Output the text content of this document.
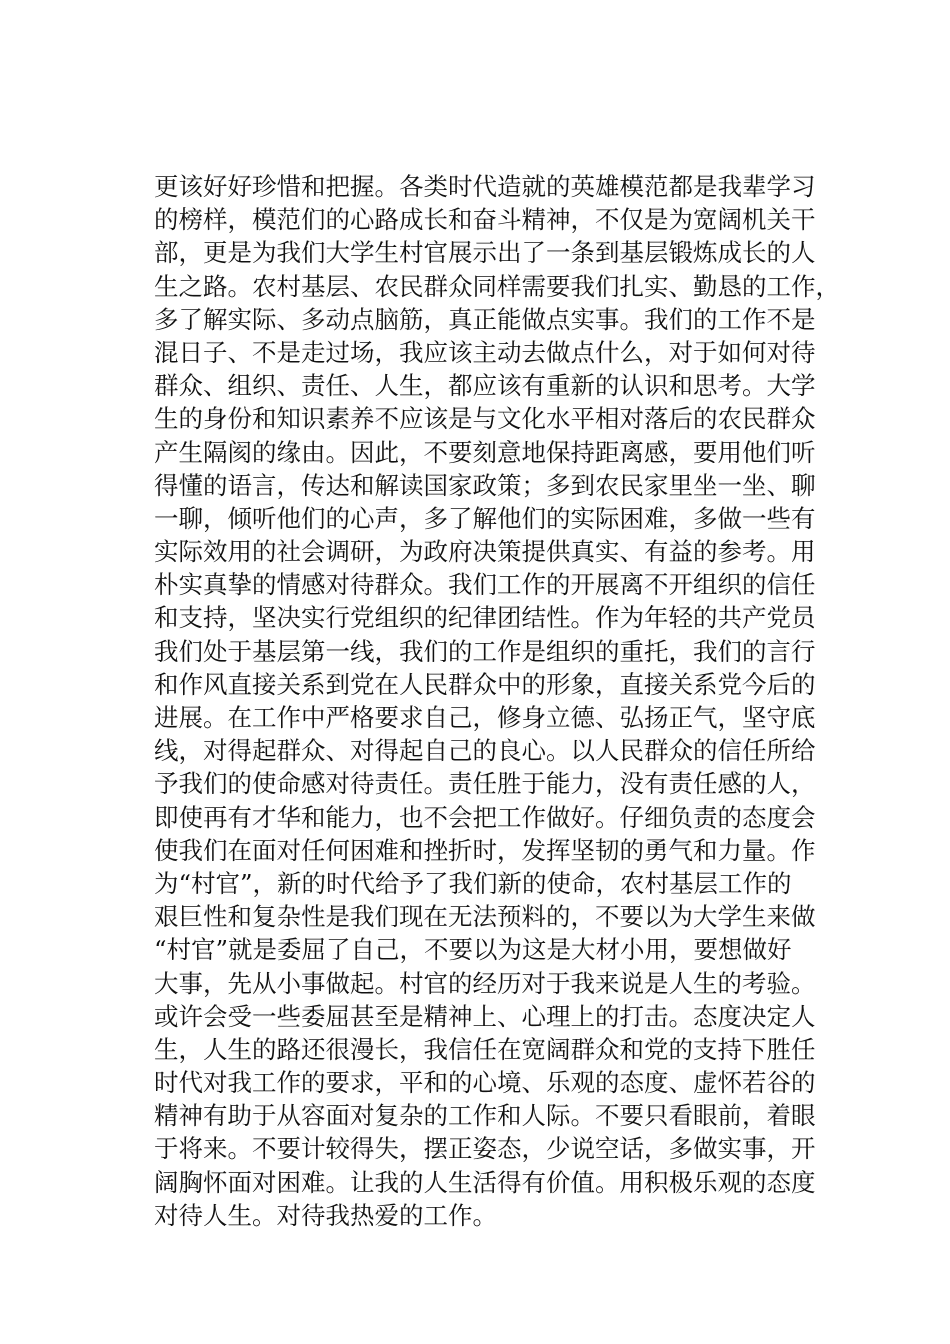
更该好好珍惜和把握。各类时代造就的英雄模范都是我辈学习
的榜样，模范们的心路成长和奋斗精神，不仅是为宽阔机关干
部，更是为我们大学生村官展示出了一条到基层锻炼成长的人
生之路。农村基层、农民群众同样需要我们扎实、勤恳的工作，
多了解实际、多动点脑筋，真正能做点实事。我们的工作不是
混日子、不是走过场，我应该主动去做点什么，对于如何对待
群众、组织、责任、人生，都应该有重新的认识和思考。大学
生的身份和知识素养不应该是与文化水平相对落后的农民群众
产生隔阂的缘由。因此，不要刻意地保持距离感，要用他们听
得懂的语言，传达和解读国家政策；多到农民家里坐一坐、聊
一聊，倾听他们的心声，多了解他们的实际困难，多做一些有
实际效用的社会调研，为政府决策提供真实、有益的参考。用
朴实真挚的情感对待群众。我们工作的开展离不开组织的信任
和支持，坚决实行党组织的纪律团结性。作为年轻的共产党员
我们处于基层第一线，我们的工作是组织的重托，我们的言行
和作风直接关系到党在人民群众中的形象，直接关系党今后的
进展。在工作中严格要求自己，修身立德、弘扬正气，坚守底
线，对得起群众、对得起自己的良心。以人民群众的信任所给
予我们的使命感对待责任。责任胜于能力，没有责任感的人，
即使再有才华和能力，也不会把工作做好。仔细负责的态度会
使我们在面对任何困难和挫折时，发挥坚韧的勇气和力量。作
为“村官”，新的时代给予了我们新的使命，农村基层工作的
艰巨性和复杂性是我们现在无法预料的，不要以为大学生来做
“村官”就是委屈了自己，不要以为这是大材小用，要想做好
大事，先从小事做起。村官的经历对于我来说是人生的考验。
或许会受一些委屈甚至是精神上、心理上的打击。态度决定人
生，人生的路还很漫长，我信任在宽阔群众和党的支持下胜任
时代对我工作的要求，平和的心境、乐观的态度、虚怀若谷的
精神有助于从容面对复杂的工作和人际。不要只看眼前，着眼
于将来。不要计较得失，摆正姿态，少说空话，多做实事，开
阔胸怀面对困难。让我的人生活得有价值。用积极乐观的态度
对待人生。对待我热爱的工作。
